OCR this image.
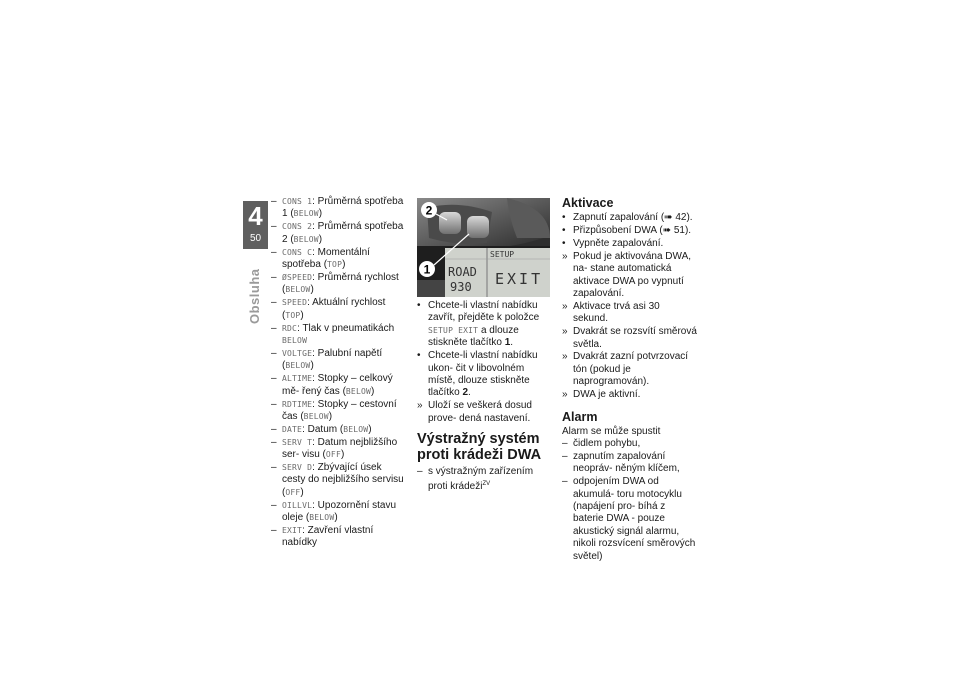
4
50
Obsluha
– CONS 1: Průměrná spotřeba 1 (BELOW)
– CONS 2: Průměrná spotřeba 2 (BELOW)
– CONS C: Momentální spotřeba (TOP)
– ØSPEED: Průměrná rychlost (BELOW)
– SPEED: Aktuální rychlost (TOP)
– RDC: Tlak v pneumatikách BELOW
– VOLTGE: Palubní napětí (BELOW)
– ALTIME: Stopky – celkový mě- řený čas (BELOW)
– RDTIME: Stopky – cestovní čas (BELOW)
– DATE: Datum (BELOW)
– SERV T: Datum nejbližšího ser- visu (OFF)
– SERV D: Zbývající úsek cesty do nejbližšího servisu (OFF)
– OILLVL: Upozornění stavu oleje (BELOW)
– EXIT: Zavření vlastní nabídky
SETUP
ROAD
930 EXIT
2
1
• Chcete-li vlastní nabídku zavřít, přejděte k položce SETUP EXIT a dlouze stiskněte tlačítko 1.
• Chcete-li vlastní nabídku ukon- čit v libovolném místě, dlouze stiskněte tlačítko 2.
» Uloží se veškerá dosud prove- dená nastavení.
Výstražný systém proti krádeži DWA
– s výstražným zařízením proti krádeži$^{ZV}$
Aktivace
• Zapnutí zapalování (➠ 42).
• Přizpůsobení DWA (➠ 51).
• Vypněte zapalování.
» Pokud je aktivována DWA, na- stane automatická aktivace DWA po vypnutí zapalování.
» Aktivace trvá asi 30 sekund.
» Dvakrát se rozsvítí směrová světla.
» Dvakrát zazní potvrzovací tón (pokud je naprogramován).
» DWA je aktivní.
Alarm

Alarm se může spustit

– čidlem pohybu,
– zapnutím zapalování neopráv- něným klíčem,
– odpojením DWA od akumulá- toru motocyklu (napájení pro- bíhá z baterie DWA - pouze akustický signál alarmu, nikoli rozsvícení směrových světel)
